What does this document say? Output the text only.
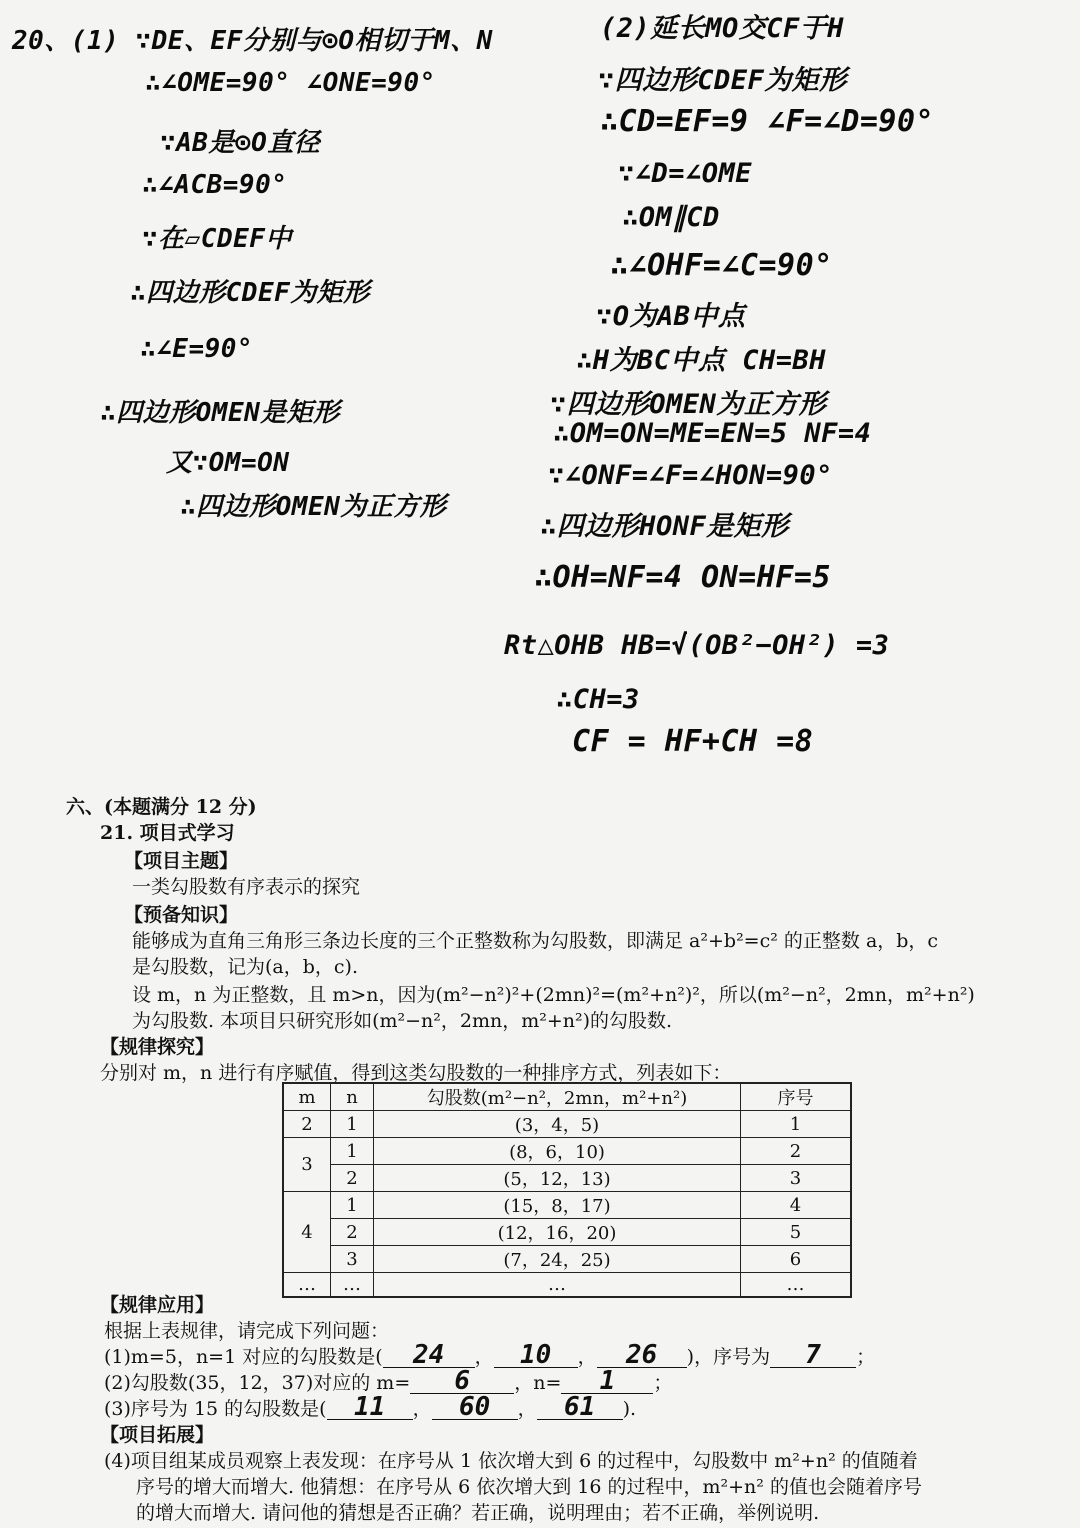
20、(1) ∵DE、EF分别与⊙O相切于M、N
∴∠OME=90° ∠ONE=90°
∵AB是⊙O直径
∴∠ACB=90°
∵在▱CDEF中
∴四边形CDEF为矩形
∴∠E=90°
∴四边形OMEN是矩形
又∵OM=ON
∴四边形OMEN为正方形
(2)延长MO交CF于H
∵四边形CDEF为矩形
∴CD=EF=9 ∠F=∠D=90°
∵∠D=∠OME
∴OM∥CD
∴∠OHF=∠C=90°
∵O为AB中点
∴H为BC中点 CH=BH
∵四边形OMEN为正方形
∴OM=ON=ME=EN=5 NF=4
∵∠ONF=∠F=∠HON=90°
∴四边形HONF是矩形
∴OH=NF=4 ON=HF=5
Rt△OHB HB=√(OB²−OH²) =3
∴CH=3
CF = HF+CH =8
六、(本题满分 12 分)
21. 项目式学习
【项目主题】
一类勾股数有序表示的探究
【预备知识】
能够成为直角三角形三条边长度的三个正整数称为勾股数，即满足 a²+b²=c² 的正整数 a，b，c
是勾股数，记为(a，b，c).
设 m，n 为正整数，且 m>n，因为(m²−n²)²+(2mn)²=(m²+n²)²，所以(m²−n²，2mn，m²+n²)
为勾股数. 本项目只研究形如(m²−n²，2mn，m²+n²)的勾股数.
【规律探究】
分别对 m，n 进行有序赋值，得到这类勾股数的一种排序方式，列表如下：
m	n	勾股数(m²−n²，2mn，m²+n²)	序号
2	1	(3，4，5)	1
3	1	(8，6，10)	2
	2	(5，12，13)	3
4	1	(15，8，17)	4
	2	(12，16，20)	5
	3	(7，24，25)	6
…	…	…	…
【规律应用】
根据上表规律，请完成下列问题：
(1)m=5，n=1 对应的勾股数是( 24 ， 10 ， 26 )，序号为 7 ；
(2)勾股数(35，12，37)对应的 m= 6 ，n= 1 ；
(3)序号为 15 的勾股数是( 11 ， 60 ， 61 ).
【项目拓展】
(4)项目组某成员观察上表发现：在序号从 1 依次增大到 6 的过程中，勾股数中 m²+n² 的值随着
序号的增大而增大. 他猜想：在序号从 6 依次增大到 16 的过程中，m²+n² 的值也会随着序号
的增大而增大. 请问他的猜想是否正确？若正确，说明理由；若不正确，举例说明.
